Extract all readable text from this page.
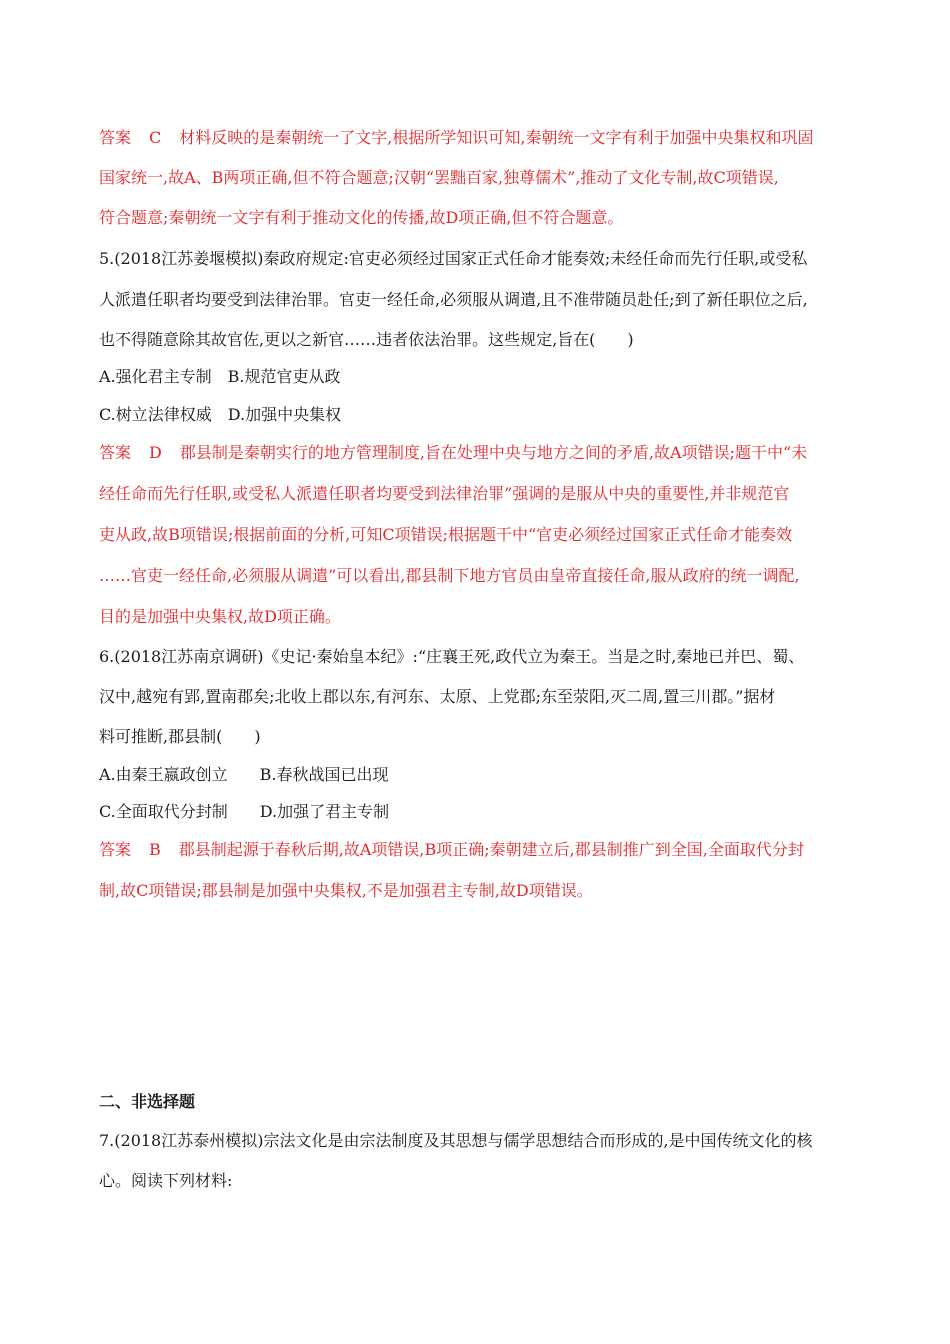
答案 C 材料反映的是秦朝统一了文字,根据所学知识可知,秦朝统一文字有利于加强中央集权和巩固
国家统一,故A、B两项正确,但不符合题意;汉朝“罢黜百家,独尊儒术”,推动了文化专制,故C项错误,
符合题意;秦朝统一文字有利于推动文化的传播,故D项正确,但不符合题意。
5.(2018江苏姜堰模拟)秦政府规定:官吏必须经过国家正式任命才能奏效;未经任命而先行任职,或受私
人派遣任职者均要受到法律治罪。官吏一经任命,必须服从调遣,且不准带随员赴任;到了新任职位之后,
也不得随意除其故官佐,更以之新官……违者依法治罪。这些规定,旨在(　　)
A.强化君主专制 B.规范官吏从政
C.树立法律权威 D.加强中央集权
答案 D 郡县制是秦朝实行的地方管理制度,旨在处理中央与地方之间的矛盾,故A项错误;题干中“未
经任命而先行任职,或受私人派遣任职者均要受到法律治罪”强调的是服从中央的重要性,并非规范官
吏从政,故B项错误;根据前面的分析,可知C项错误;根据题干中“官吏必须经过国家正式任命才能奏效
……官吏一经任命,必须服从调遣”可以看出,郡县制下地方官员由皇帝直接任命,服从政府的统一调配,
目的是加强中央集权,故D项正确。
6.(2018江苏南京调研)《史记·秦始皇本纪》:“庄襄王死,政代立为秦王。当是之时,秦地已并巴、蜀、
汉中,越宛有郢,置南郡矣;北收上郡以东,有河东、太原、上党郡;东至荥阳,灭二周,置三川郡。”据材
料可推断,郡县制(　　)
A.由秦王嬴政创立 B.春秋战国已出现
C.全面取代分封制 D.加强了君主专制
答案 B 郡县制起源于春秋后期,故A项错误,B项正确;秦朝建立后,郡县制推广到全国,全面取代分封
制,故C项错误;郡县制是加强中央集权,不是加强君主专制,故D项错误。
二、非选择题
7.(2018江苏泰州模拟)宗法文化是由宗法制度及其思想与儒学思想结合而形成的,是中国传统文化的核
心。阅读下列材料:
